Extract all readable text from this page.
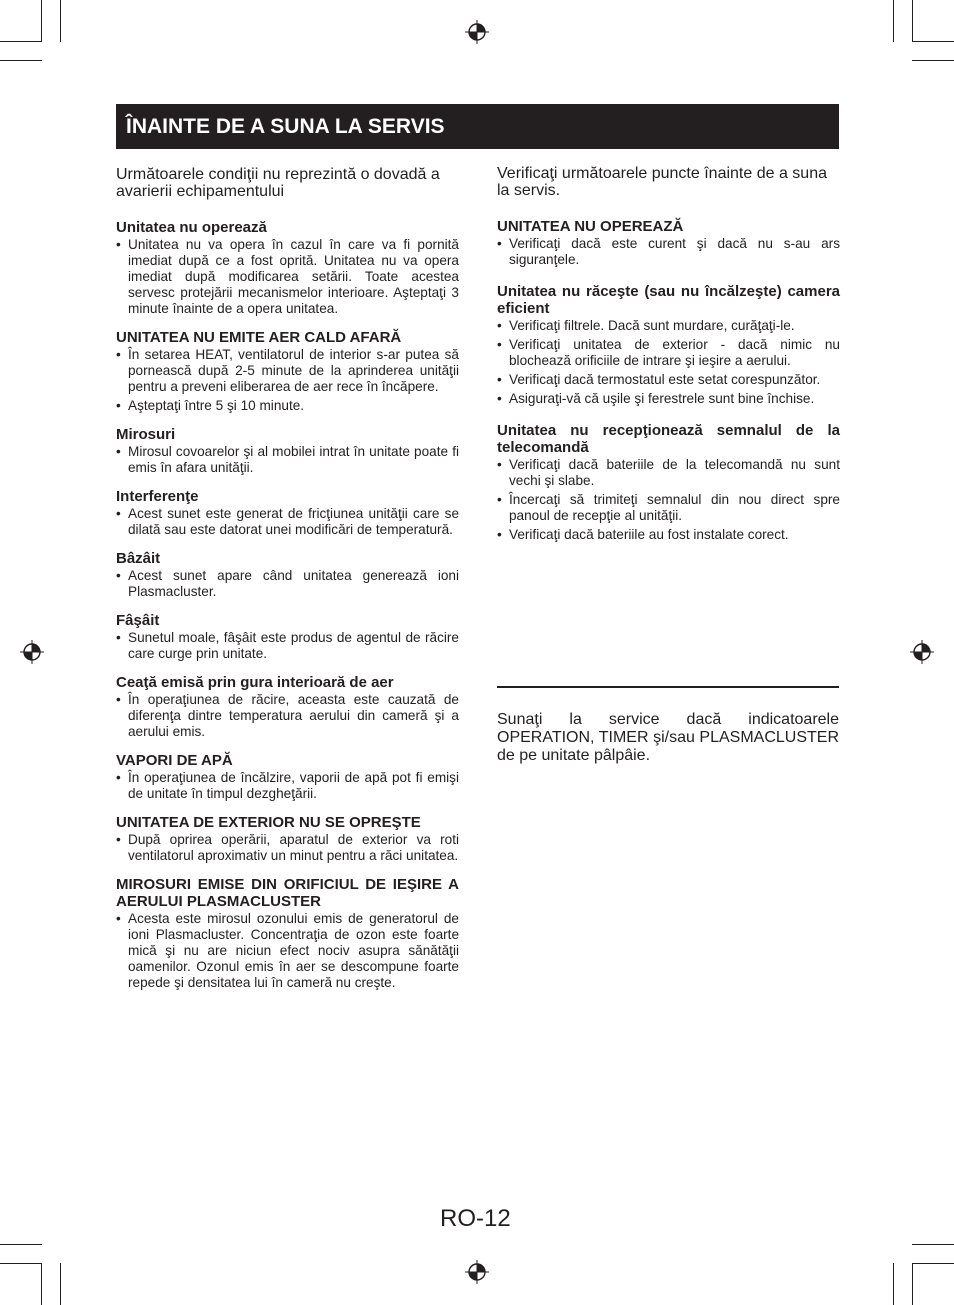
ÎNAINTE DE A SUNA LA SERVIS

Următoarele condiţii nu reprezintă o dovadă a avarierii echipamentului

Unitatea nu operează
• Unitatea nu va opera în cazul în care va fi pornită imediat după ce a fost oprită. Unitatea nu va opera imediat după modificarea setării. Toate acestea servesc protejării mecanismelor interioare. Aşteptaţi 3 minute înainte de a opera unitatea.
UNITATEA NU EMITE AER CALD AFARĂ
• În setarea HEAT, ventilatorul de interior s-ar putea să pornească după 2-5 minute de la aprinderea unităţii pentru a preveni eliberarea de aer rece în încăpere.
• Aşteptaţi între 5 şi 10 minute.
Mirosuri
• Mirosul covoarelor şi al mobilei intrat în unitate poate fi emis în afara unităţii.
Interferenţe
• Acest sunet este generat de fricţiunea unităţii care se dilată sau este datorat unei modificări de temperatură.
Bâzâit
• Acest sunet apare când unitatea generează ioni Plasmacluster.
Fâşâit
• Sunetul moale, fâşâit este produs de agentul de răcire care curge prin unitate.
Ceaţă emisă prin gura interioară de aer
• În operaţiunea de răcire, aceasta este cauzată de diferenţa dintre temperatura aerului din cameră şi a aerului emis.
VAPORI DE APĂ
• În operaţiunea de încălzire, vaporii de apă pot fi emişi de unitate în timpul dezgheţării.
UNITATEA DE EXTERIOR NU SE OPREŞTE
• După oprirea operării, aparatul de exterior va roti ventilatorul aproximativ un minut pentru a răci unitatea.
MIROSURI EMISE DIN ORIFICIUL DE IEŞIRE A AERULUI PLASMACLUSTER
• Acesta este mirosul ozonului emis de generatorul de ioni Plasmacluster. Concentraţia de ozon este foarte mică şi nu are niciun efect nociv asupra sănătăţii oamenilor. Ozonul emis în aer se descompune foarte repede şi densitatea lui în cameră nu creşte.

Verificaţi următoarele puncte înainte de a suna la servis.

UNITATEA NU OPEREAZĂ
• Verificaţi dacă este curent şi dacă nu s-au ars siguranţele.
Unitatea nu răceşte (sau nu încălzeşte) camera eficient
• Verificaţi filtrele. Dacă sunt murdare, curăţaţi-le.
• Verificaţi unitatea de exterior - dacă nimic nu blochează orificiile de intrare şi ieşire a aerului.
• Verificaţi dacă termostatul este setat corespunzător.
• Asiguraţi-vă că uşile şi ferestrele sunt bine închise.
Unitatea nu recepţionează semnalul de la telecomandă
• Verificaţi dacă bateriile de la telecomandă nu sunt vechi şi slabe.
• Încercaţi să trimiteţi semnalul din nou direct spre panoul de recepţie al unităţii.
• Verificaţi dacă bateriile au fost instalate corect.

Sunaţi la service dacă indicatoarele OPERATION, TIMER şi/sau PLASMACLUSTER de pe unitate pâlpâie.

RO-12
